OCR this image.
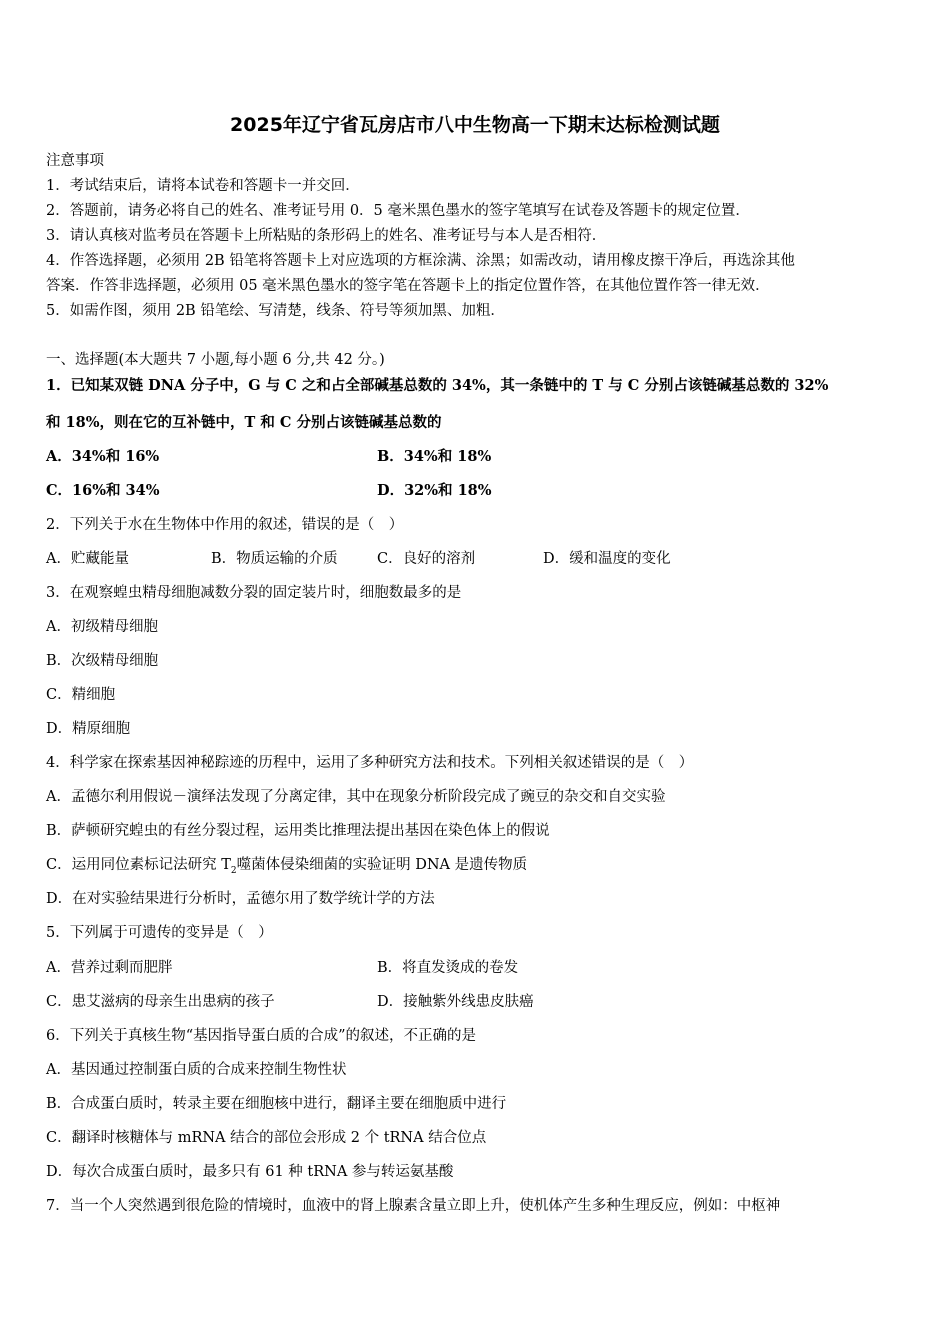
2025年辽宁省瓦房店市八中生物高一下期末达标检测试题
注意事项
1．考试结束后，请将本试卷和答题卡一并交回．
2．答题前，请务必将自己的姓名、准考证号用 0．5 毫米黑色墨水的签字笔填写在试卷及答题卡的规定位置．
3．请认真核对监考员在答题卡上所粘贴的条形码上的姓名、准考证号与本人是否相符．
4．作答选择题，必须用 2B 铅笔将答题卡上对应选项的方框涂满、涂黑；如需改动，请用橡皮擦干净后，再选涂其他
答案．作答非选择题，必须用 05 毫米黑色墨水的签字笔在答题卡上的指定位置作答，在其他位置作答一律无效．
5．如需作图，须用 2B 铅笔绘、写清楚，线条、符号等须加黑、加粗．
一、选择题(本大题共 7 小题,每小题 6 分,共 42 分。)
1．已知某双链 DNA 分子中，G 与 C 之和占全部碱基总数的 34%，其一条链中的 T 与 C 分别占该链碱基总数的 32%
和 18%，则在它的互补链中，T 和 C 分别占该链碱基总数的
A．34%和 16%	B．34%和 18%
C．16%和 34%	D．32%和 18%
2．下列关于水在生物体中作用的叙述，错误的是（　）
A．贮藏能量	B．物质运输的介质	C．良好的溶剂	D．缓和温度的变化
3．在观察蝗虫精母细胞减数分裂的固定装片时，细胞数最多的是
A．初级精母细胞
B．次级精母细胞
C．精细胞
D．精原细胞
4．科学家在探索基因神秘踪迹的历程中，运用了多种研究方法和技术。下列相关叙述错误的是（　）
A．孟德尔利用假说－演绎法发现了分离定律，其中在现象分析阶段完成了豌豆的杂交和自交实验
B．萨顿研究蝗虫的有丝分裂过程，运用类比推理法提出基因在染色体上的假说
C．运用同位素标记法研究 $T_2$噬菌体侵染细菌的实验证明 DNA 是遗传物质
D．在对实验结果进行分析时，孟德尔用了数学统计学的方法
5．下列属于可遗传的变异是（　）
A．营养过剩而肥胖	B．将直发烫成的卷发
C．患艾滋病的母亲生出患病的孩子	D．接触紫外线患皮肤癌
6．下列关于真核生物“基因指导蛋白质的合成”的叙述，不正确的是
A．基因通过控制蛋白质的合成来控制生物性状
B．合成蛋白质时，转录主要在细胞核中进行，翻译主要在细胞质中进行
C．翻译时核糖体与 mRNA 结合的部位会形成 2 个 tRNA 结合位点
D．每次合成蛋白质时，最多只有 61 种 tRNA 参与转运氨基酸
7．当一个人突然遇到很危险的情境时，血液中的肾上腺素含量立即上升，使机体产生多种生理反应，例如：中枢神
